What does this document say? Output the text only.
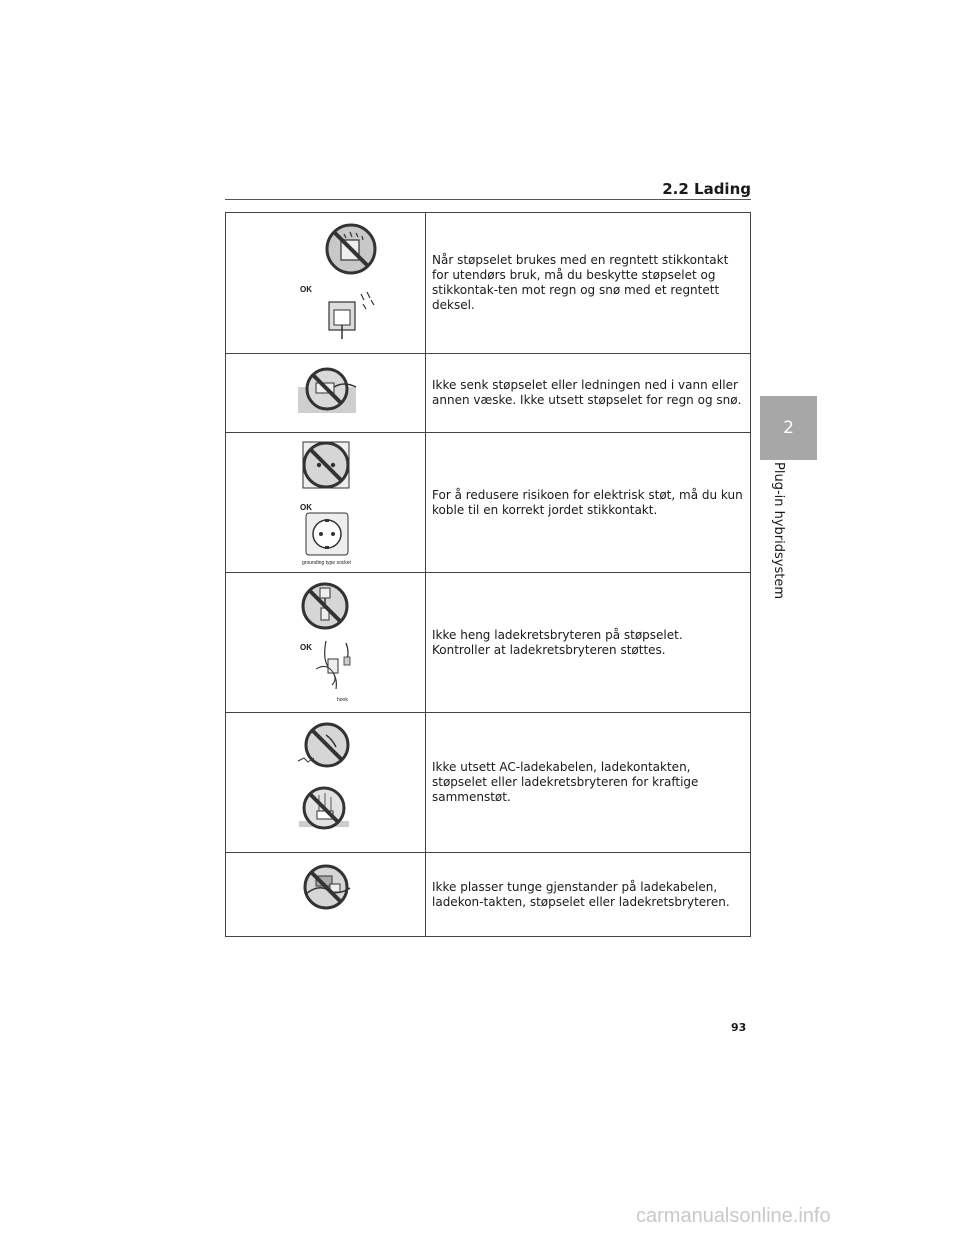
2.2 Lading
2
Plug-in hybridsystem
OK	Når støpselet brukes med en regntett stikkontakt for utendørs bruk, må du beskytte støpselet og stikkontak-ten mot regn og snø med et regntett deksel.

	Ikke senk støpselet eller ledningen ned i vann eller annen væske. Ikke utsett støpselet for regn og snø.

OK
grounding type socket	For å redusere risikoen for elektrisk støt, må du kun koble til en korrekt jordet stikkontakt.

OK
hook	Ikke heng ladekretsbryteren på støpselet. Kontroller at ladekretsbryteren støttes.

	Ikke utsett AC-ladekabelen, ladekontakten, støpselet eller ladekretsbryteren for kraftige sammenstøt.

	Ikke plasser tunge gjenstander på ladekabelen, ladekon-takten, støpselet eller ladekretsbryteren.
93
carmanualsonline.info
